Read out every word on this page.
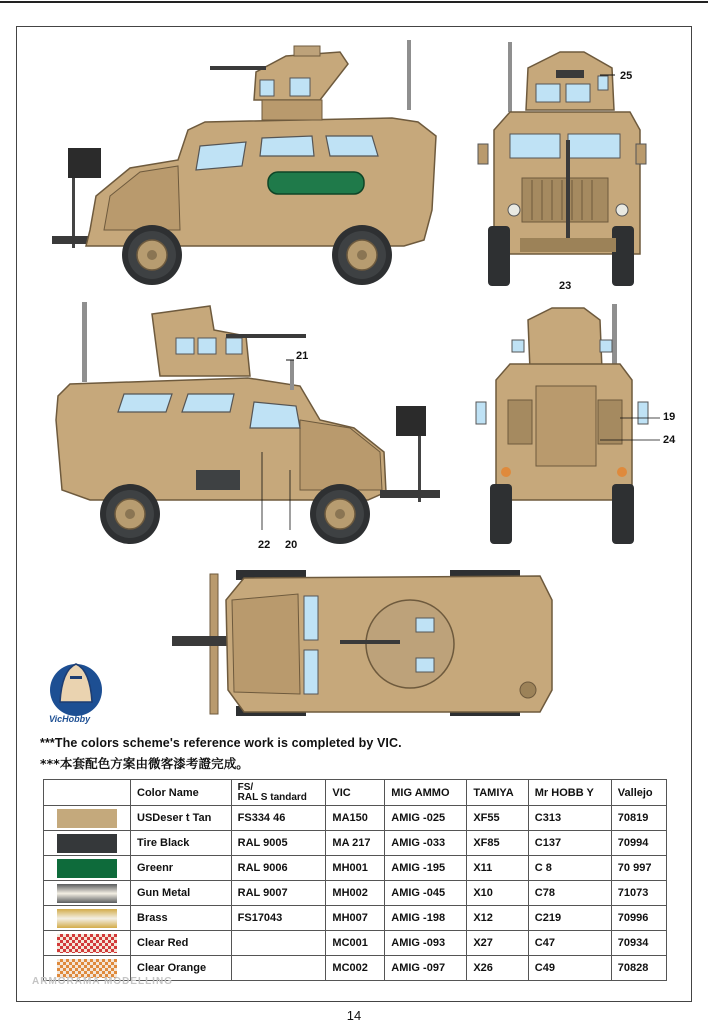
25
23
21
22 20
19
24
VicHobby
***The colors scheme's reference work is completed by VIC.
***本套配色方案由微客漆考證完成。
	Color Name	FS/
RAL S tandard	VIC	MIG AMMO	TAMIYA	Mr HOBB Y	Vallejo

	USDeser t Tan	FS334 46	MA150	AMIG -025	XF55	C313	70819

	Tire Black	RAL 9005	MA 217	AMIG -033	XF85	C137	70994

	Greenr	RAL 9006	MH001	AMIG -195	X11	C 8	70 997

	Gun Metal	RAL 9007	MH002	AMIG -045	X10	C78	71073

	Brass	FS17043	MH007	AMIG -198	X12	C219	70996

	Clear Red		MC001	AMIG -093	X27	C47	70934

	Clear Orange		MC002	AMIG -097	X26	C49	70828
ARMORAMA MODELLING
14
